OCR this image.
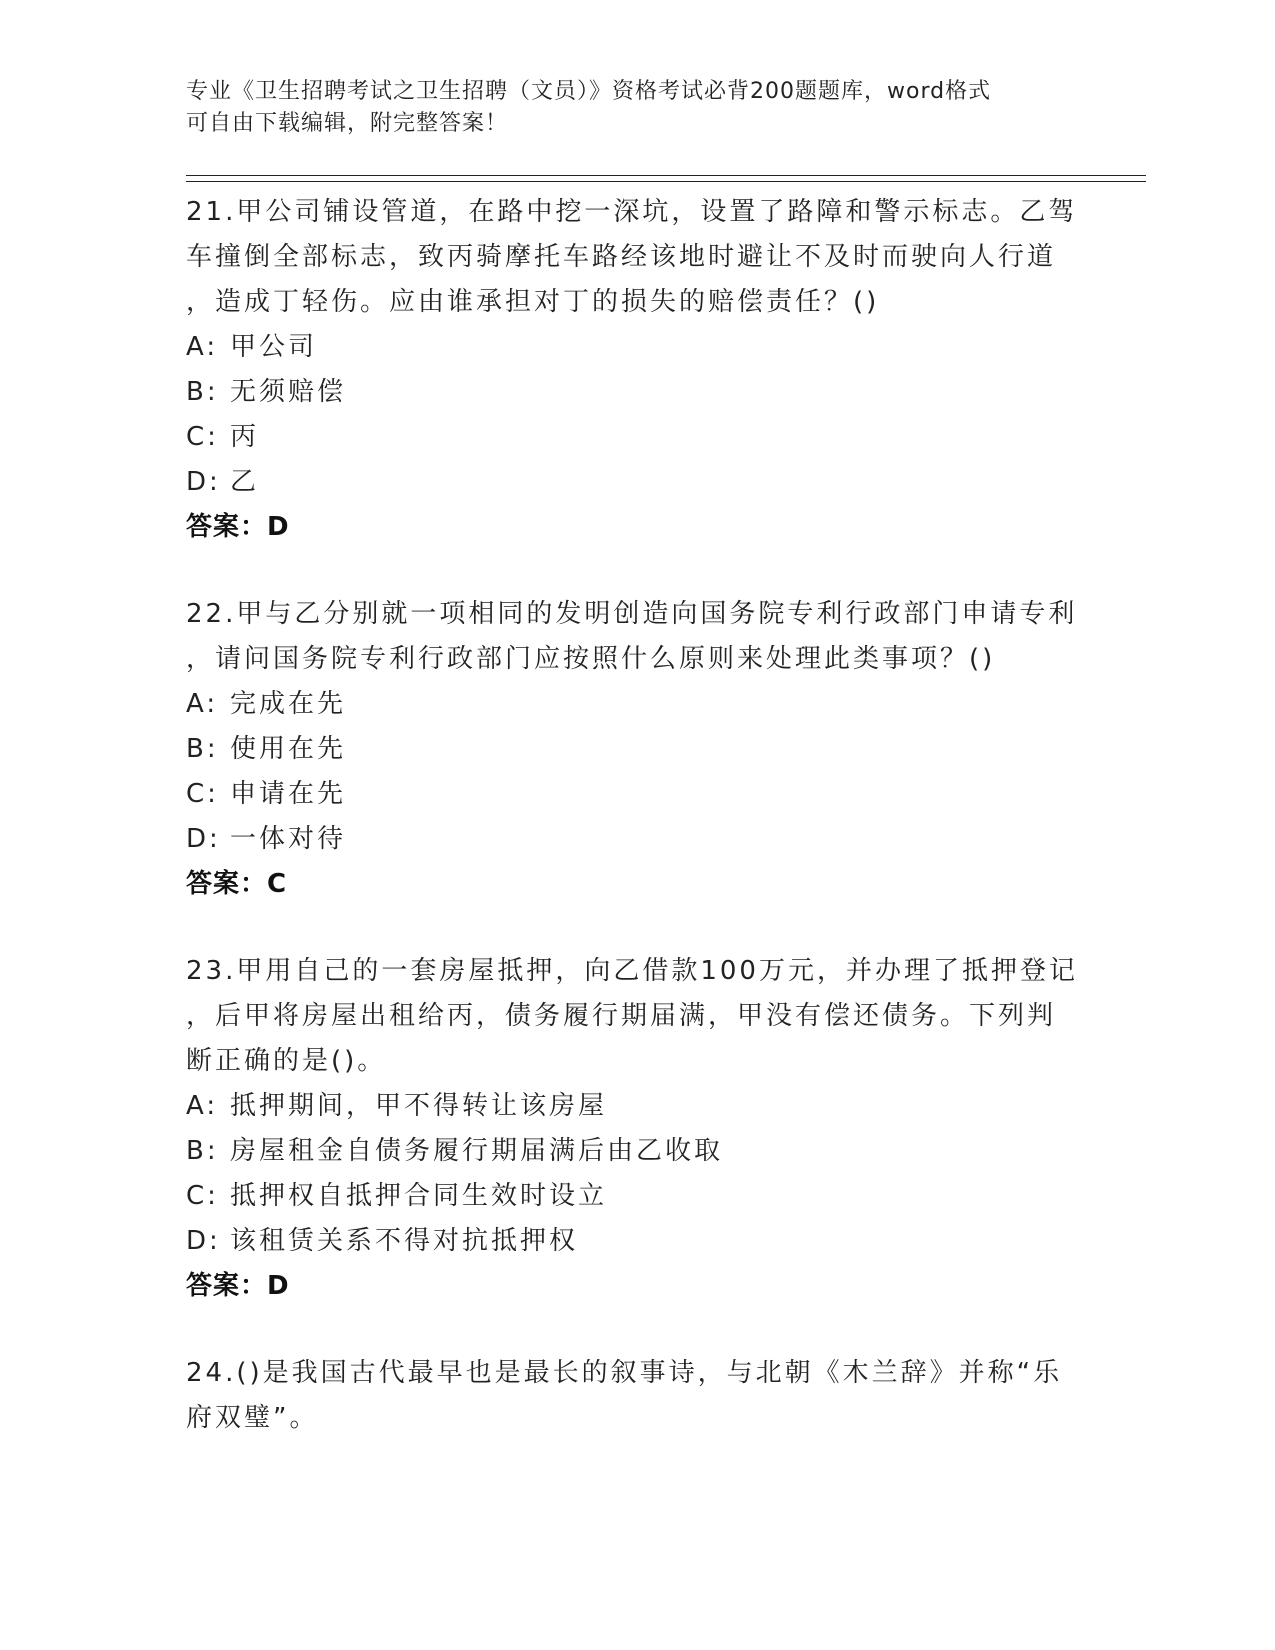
专业《卫生招聘考试之卫生招聘（文员）》资格考试必背200题题库，word格式
可自由下载编辑，附完整答案！
21.甲公司铺设管道，在路中挖一深坑，设置了路障和警示标志。乙驾
车撞倒全部标志，致丙骑摩托车路经该地时避让不及时而驶向人行道
，造成丁轻伤。应由谁承担对丁的损失的赔偿责任？()
A: 甲公司
B: 无须赔偿
C: 丙
D: 乙
答案：D
22.甲与乙分别就一项相同的发明创造向国务院专利行政部门申请专利
，请问国务院专利行政部门应按照什么原则来处理此类事项？()
A: 完成在先
B: 使用在先
C: 申请在先
D: 一体对待
答案：C
23.甲用自己的一套房屋抵押，向乙借款100万元，并办理了抵押登记
，后甲将房屋出租给丙，债务履行期届满，甲没有偿还债务。下列判
断正确的是()。
A: 抵押期间，甲不得转让该房屋
B: 房屋租金自债务履行期届满后由乙收取
C: 抵押权自抵押合同生效时设立
D: 该租赁关系不得对抗抵押权
答案：D
24.()是我国古代最早也是最长的叙事诗，与北朝《木兰辞》并称“乐
府双璧”。
